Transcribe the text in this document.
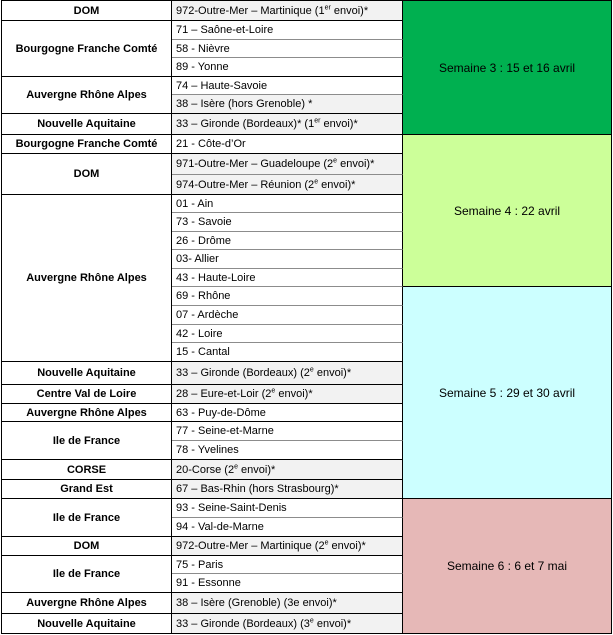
DOM
Bourgogne Franche Comté
Auvergne Rhône Alpes
Nouvelle Aquitaine
Bourgogne Franche Comté
DOM
Auvergne Rhône Alpes
Nouvelle Aquitaine
Centre Val de Loire
Auvergne Rhône Alpes
Ile de France
CORSE
Grand Est
Ile de France
DOM
Ile de France
Auvergne Rhône Alpes
Nouvelle Aquitaine
972-Outre-Mer – Martinique (1er envoi)*
71 – Saône-et-Loire
58 - Nièvre
89 - Yonne
74 – Haute-Savoie
38 – Isère (hors Grenoble) *
33 – Gironde (Bordeaux)* (1er envoi)*
21 - Côte-d’Or
971-Outre-Mer – Guadeloupe (2e envoi)*
974-Outre-Mer – Réunion (2e envoi)*
01 - Ain
73 - Savoie
26 - Drôme
03- Allier
43 - Haute-Loire
69 - Rhône
07 - Ardèche
42 - Loire
15 - Cantal
33 – Gironde (Bordeaux) (2e envoi)*
28 – Eure-et-Loir (2e envoi)*
63 - Puy-de-Dôme
77 - Seine-et-Marne
78 - Yvelines
20-Corse (2e envoi)*
67 – Bas-Rhin (hors Strasbourg)*
93 - Seine-Saint-Denis
94 - Val-de-Marne
972-Outre-Mer – Martinique (2e envoi)*
75 - Paris
91 - Essonne
38 – Isère (Grenoble) (3e envoi)*
33 – Gironde (Bordeaux) (3e envoi)*
Semaine 3 : 15 et 16 avril
Semaine 4 : 22 avril
Semaine 5 : 29 et 30 avril
Semaine 6 : 6 et 7 mai
